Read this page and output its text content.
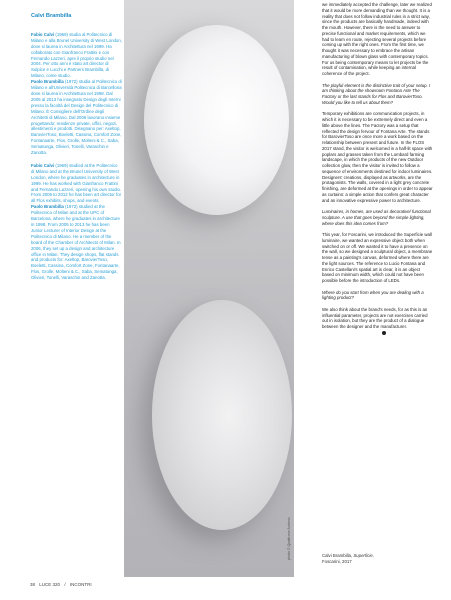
Calvi Brambilla

Fabio Calvi (1969) studia al Politecnico di Milano e alla Brunel University di West London, dove si laurea in Architettura nel 1999. Ha collaborato con Gianfranco Frattini e con Fernando Lazzeri, apre il proprio studio nel 2004. Per otto anni è stato art director di Sulpice e Lucchi e Partners Brambilla, di Milano, come studio.

Paolo Brambilla (1972) studia al Politecnico di Milano e all'Università Politecnica di Barcellona dove si laurea in Architettura nel 1998. Dal 2005 al 2013 ha insegnato Design degli Interni presso la facoltà del Design del Politecnico di Milano. È Consigliere dell'Ordine degli Architetti di Milano. Dal 2006 lavorano insieme progettando: residenze private, uffici, negozi, allestimenti e prodotti. Disegnano per: Axeltop, BarovierToso, Boeletti, Cassina, Comfort Zone, Fontanaarte, Flos, Grolle, Molteni & C., Saba, Sematunga, Olivieri, Tonelli, Varaschin e Zanotta.

Fabio Calvi (1969) studied at the Politecnico di Milano and at the Brunel University of West London, where he graduates in architecture in 1999. He has worked with Gianfranco Frattini and Fernando Lazzeri, opening his own studio. From 2005 to 2012 he has been art director for all Flos exhibits, shops, and events.

Paolo Brambilla (1972) studied at the Politecnico of Milan and at the UPC of Barcelona, where he graduates in architecture in 1998. From 2005 to 2013 he has been Junior Lecturer of Interior Design at the Politecnico di Milano. He a member of the board of the Chamber of Architects of Milan. In 2006, they set up a design and architecture office in Milan. They design shops, flat stands and products for: Axeltop, BarovierToso, Boeletti, Cassina, Comfort Zone, Fontanaarte, Flos, Grolle, Molteni & C., Saba, Sematunga, Olivieri, Tonelli, Varaschin and Zanotta.

photo © Quattrone Antonio

we immediately accepted the challenge, later we realized that it would be more demanding than we thought. It is a reality that does not follow industrial rules in a strict way, since the products are basically handmade, indeed with the mouth. However, there is the need to answer to precise functional and market requirements, which we had to learn en route, rejecting several projects before coming up with the right ones. From the first time, we thought it was necessary to embrace the artisan manufacturing of blown glass with contemporary topics. For us being contemporary means to let projects be the result of contamination, while keeping an internal coherence of the project.

The playful element is the distinctive trait of your setup. I am thinking about the showroom Fontana Arte The Factory or the last stands for Flos and BarovierToso. Would you like to tell us about them?

Temporary exhibitions are communication projects, in which it is necessary to be extremely direct and even a little above the lines. The Factory was a setup that reflected the design fervour of Fontana Arte. The stands for BarovierToso are once more a work based on the relationship between present and future. In the FLOS 2017 stand, the visitor is welcomed in a half-lit space with poplars and grasses taken from the Lombard farming landscape, in which the products of the new Outdoor collection glow, then the visitor is invited to follow a sequence of environments destined for indoor luminaires. Designers' creations, displayed as artworks, are the protagonists. The walls, covered in a light grey concrete finishing, are deformed at the openings in order to appear as curtains: a simple action that confers great character and an innovative expressive power to architecture.

Luminaires, in homes, are used as decorative/ functional sculpture. A use that goes beyond the simple lighting, where does this idea comes from?

This year, for Foscarini, we introduced the Superficie wall luminaire, we wanted an expressive object both when switched on or off. We wanted it to have a presence on the wall, so we designed a sculptural object, a membrane tense as a painting's canvas, deformed where there are the light sources. The reference to Lucio Fontana and Enrico Castellani's spatial art is clear, it is an object based on minimum width, which could not have been possible before the introduction of LEDs.

Where do you start from when you are dealing with a lighting product?

We also think about the brand's needs, for as this is an influential parameter, projects are not exercises carried out in isolation, but they are the product of a dialogue between the designer and the manufacturer.

Calvi Brambilla, Superficie,
Foscarini, 2017
38 LUCE 320 / INCONTRI
